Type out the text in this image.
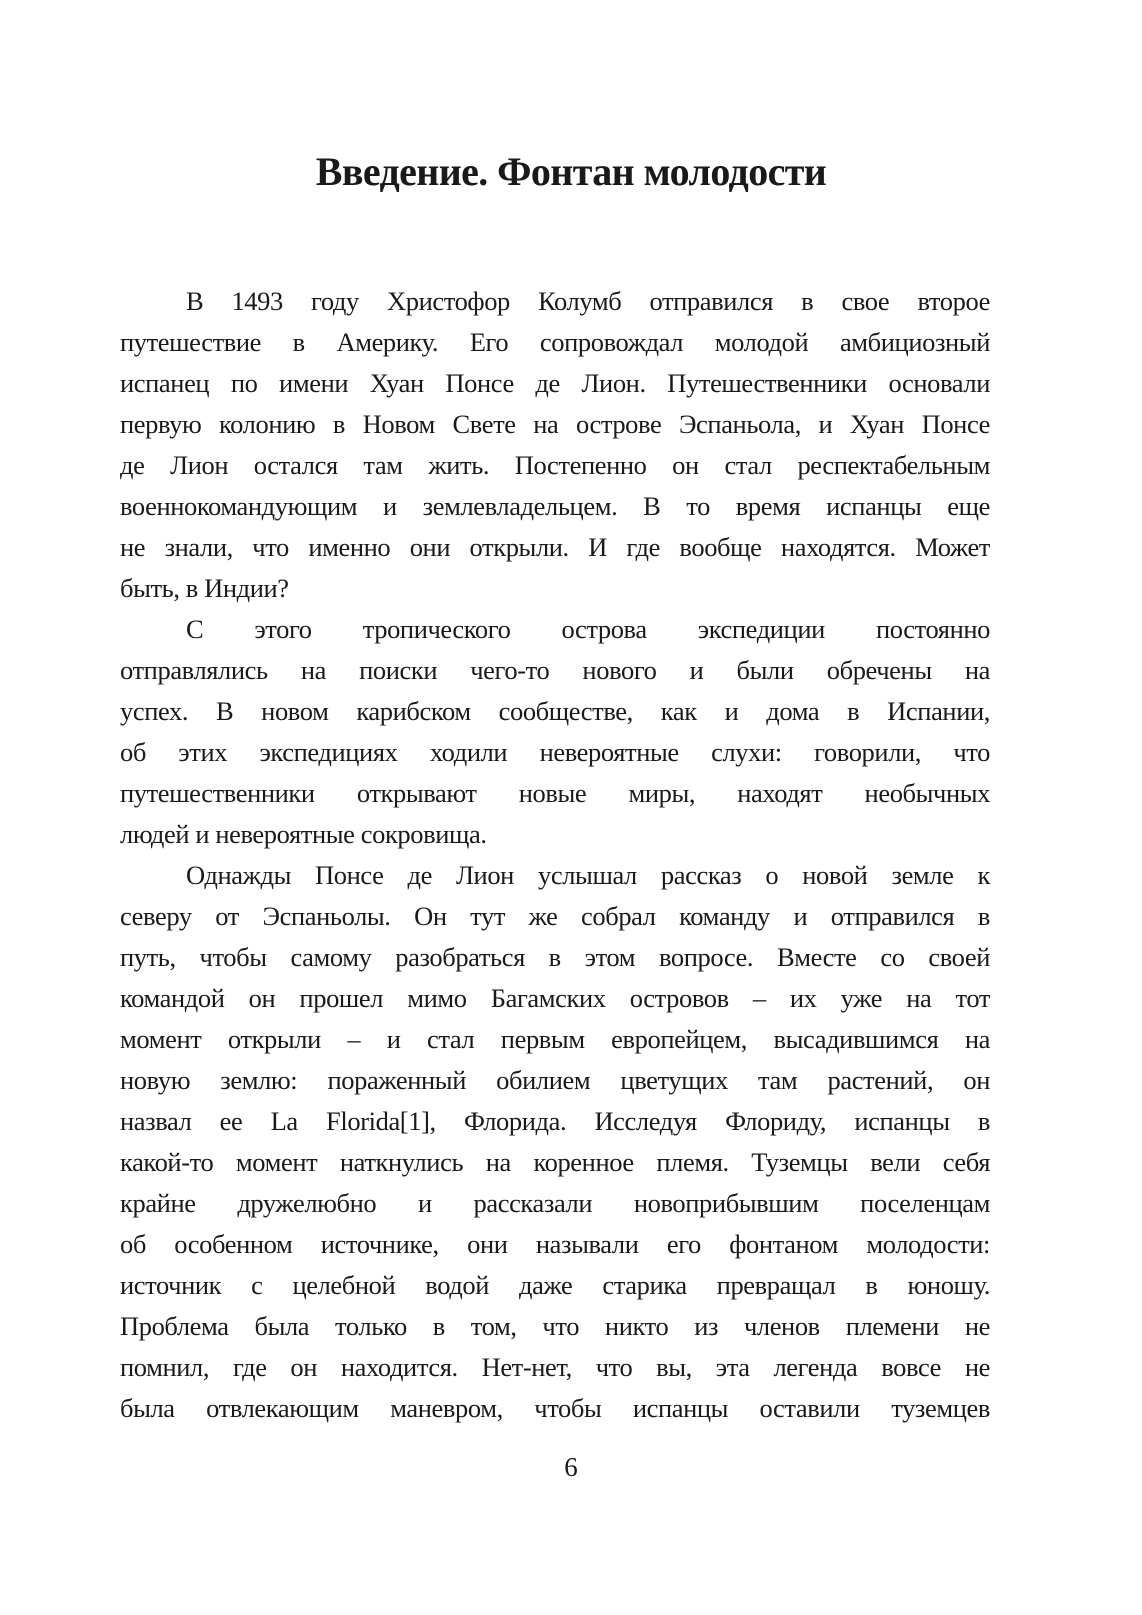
Введение. Фонтан молодости
В 1493 году Христофор Колумб отправился в свое второе
путешествие в Америку. Его сопровождал молодой амбициозный
испанец по имени Хуан Понсе де Лион. Путешественники основали
первую колонию в Новом Свете на острове Эспаньола, и Хуан Понсе
де Лион остался там жить. Постепенно он стал респектабельным
военнокомандующим и землевладельцем. В то время испанцы еще
не знали, что именно они открыли. И где вообще находятся. Может
быть, в Индии?
С этого тропического острова экспедиции постоянно
отправлялись на поиски чего-то нового и были обречены на
успех. В новом карибском сообществе, как и дома в Испании,
об этих экспедициях ходили невероятные слухи: говорили, что
путешественники открывают новые миры, находят необычных
людей и невероятные сокровища.
Однажды Понсе де Лион услышал рассказ о новой земле к
северу от Эспаньолы. Он тут же собрал команду и отправился в
путь, чтобы самому разобраться в этом вопросе. Вместе со своей
командой он прошел мимо Багамских островов – их уже на тот
момент открыли – и стал первым европейцем, высадившимся на
новую землю: пораженный обилием цветущих там растений, он
назвал ее La Florida[1], Флорида. Исследуя Флориду, испанцы в
какой-то момент наткнулись на коренное племя. Туземцы вели себя
крайне дружелюбно и рассказали новоприбывшим поселенцам
об особенном источнике, они называли его фонтаном молодости:
источник с целебной водой даже старика превращал в юношу.
Проблема была только в том, что никто из членов племени не
помнил, где он находится. Нет-нет, что вы, эта легенда вовсе не
была отвлекающим маневром, чтобы испанцы оставили туземцев
6
